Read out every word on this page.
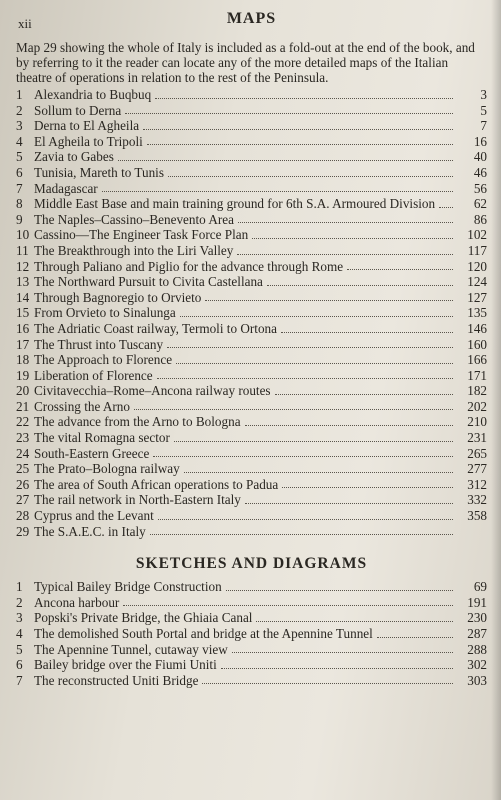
xii	MAPS
Map 29 showing the whole of Italy is included as a fold-out at the end of the book, and by referring to it the reader can locate any of the more detailed maps of the Italian theatre of operations in relation to the rest of the Peninsula.
1 Alexandria to Buqbuq	3
2 Sollum to Derna	5
3 Derna to El Agheila	7
4 El Agheila to Tripoli	16
5 Zavia to Gabes	40
6 Tunisia, Mareth to Tunis	46
7 Madagascar	56
8 Middle East Base and main training ground for 6th S.A. Armoured Division	62
9 The Naples–Cassino–Benevento Area	86
10 Cassino—The Engineer Task Force Plan	102
11 The Breakthrough into the Liri Valley	117
12 Through Paliano and Piglio for the advance through Rome	120
13 The Northward Pursuit to Civita Castellana	124
14 Through Bagnoregio to Orvieto	127
15 From Orvieto to Sinalunga	135
16 The Adriatic Coast railway, Termoli to Ortona	146
17 The Thrust into Tuscany	160
18 The Approach to Florence	166
19 Liberation of Florence	171
20 Civitavecchia–Rome–Ancona railway routes	182
21 Crossing the Arno	202
22 The advance from the Arno to Bologna	210
23 The vital Romagna sector	231
24 South-Eastern Greece	265
25 The Prato–Bologna railway	277
26 The area of South African operations to Padua	312
27 The rail network in North-Eastern Italy	332
28 Cyprus and the Levant	358
29 The S.A.E.C. in Italy
SKETCHES AND DIAGRAMS
1 Typical Bailey Bridge Construction	69
2 Ancona harbour	191
3 Popski's Private Bridge, the Ghiaia Canal	230
4 The demolished South Portal and bridge at the Apennine Tunnel	287
5 The Apennine Tunnel, cutaway view	288
6 Bailey bridge over the Fiumi Uniti	302
7 The reconstructed Uniti Bridge	303
